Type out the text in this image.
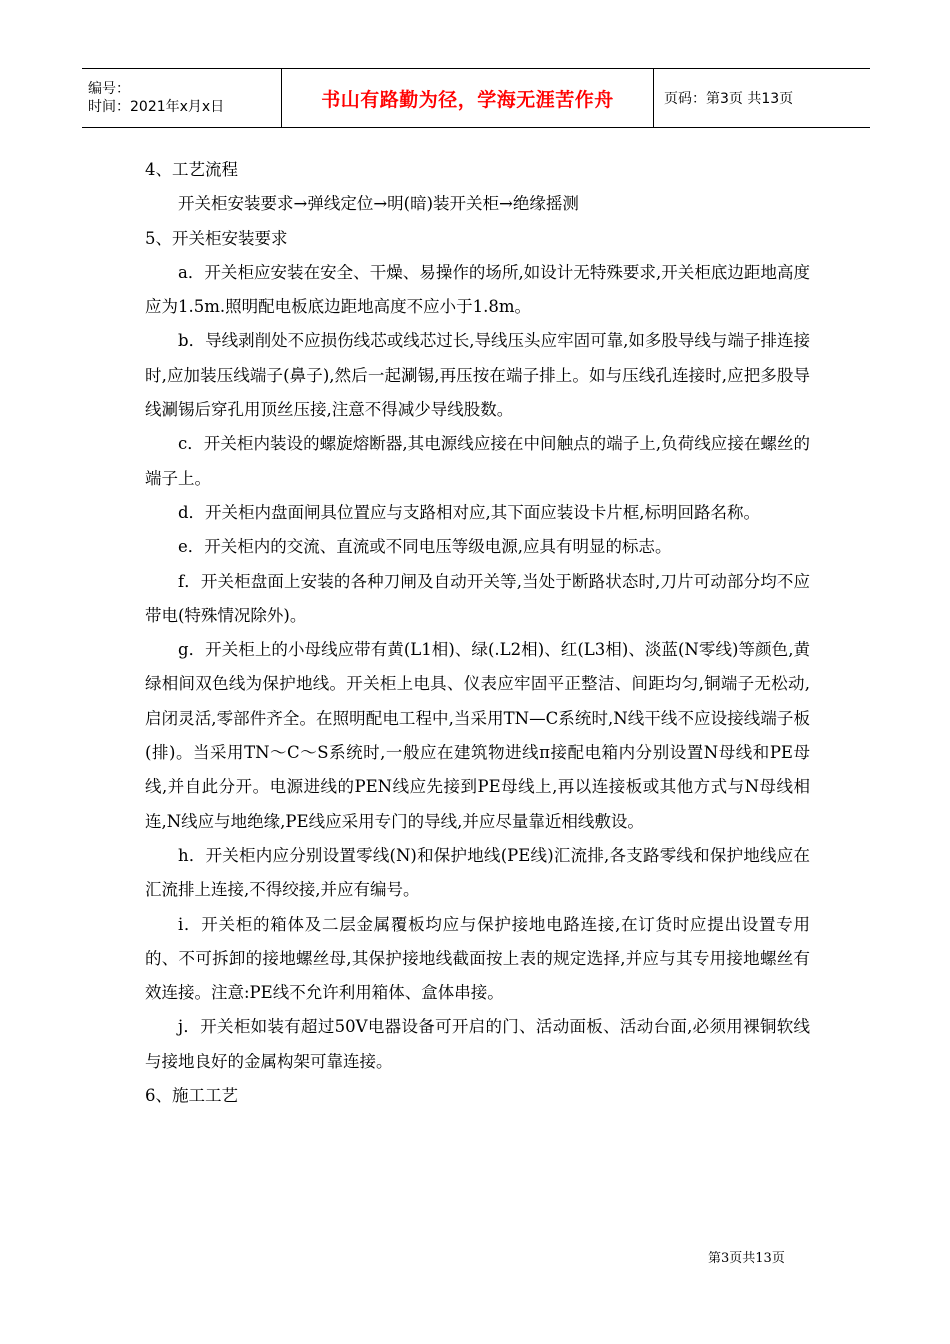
编号：
时间：2021年x月x日	书山有路勤为径，学海无涯苦作舟	页码：第3页 共13页

4、工艺流程

开关柜安装要求→弹线定位→明(暗)装开关柜→绝缘摇测

5、开关柜安装要求

a．开关柜应安装在安全、干燥、易操作的场所,如设计无特殊要求,开关柜底边距地高度应为1.5m.照明配电板底边距地高度不应小于1.8m。

b．导线剥削处不应损伤线芯或线芯过长,导线压头应牢固可靠,如多股导线与端子排连接时,应加装压线端子(鼻子),然后一起涮锡,再压按在端子排上。如与压线孔连接时,应把多股导线涮锡后穿孔用顶丝压接,注意不得减少导线股数。

c．开关柜内装设的螺旋熔断器,其电源线应接在中间触点的端子上,负荷线应接在螺丝的端子上。

d．开关柜内盘面闸具位置应与支路相对应,其下面应装设卡片框,标明回路名称。

e．开关柜内的交流、直流或不同电压等级电源,应具有明显的标志。

f．开关柜盘面上安装的各种刀闸及自动开关等,当处于断路状态时,刀片可动部分均不应带电(特殊情况除外)。

g．开关柜上的小母线应带有黄(L1相)、绿(.L2相)、红(L3相)、淡蓝(N零线)等颜色,黄绿相间双色线为保护地线。开关柜上电具、仪表应牢固平正整洁、间距均匀,铜端子无松动,启闭灵活,零部件齐全。在照明配电工程中,当采用TN—C系统时,N线干线不应设接线端子板(排)。当采用TN～C～S系统时,一般应在建筑物进线π接配电箱内分别设置N母线和PE母线,并自此分开。电源进线的PEN线应先接到PE母线上,再以连接板或其他方式与N母线相连,N线应与地绝缘,PE线应采用专门的导线,并应尽量靠近相线敷设。

h．开关柜内应分别设置零线(N)和保护地线(PE线)汇流排,各支路零线和保护地线应在汇流排上连接,不得绞接,并应有编号。

i．开关柜的箱体及二层金属覆板均应与保护接地电路连接,在订货时应提出设置专用的、不可拆卸的接地螺丝母,其保护接地线截面按上表的规定选择,并应与其专用接地螺丝有效连接。注意:PE线不允许利用箱体、盒体串接。

j．开关柜如装有超过50V电器设备可开启的门、活动面板、活动台面,必须用裸铜软线与接地良好的金属构架可靠连接。

6、施工工艺

第3页共13页
